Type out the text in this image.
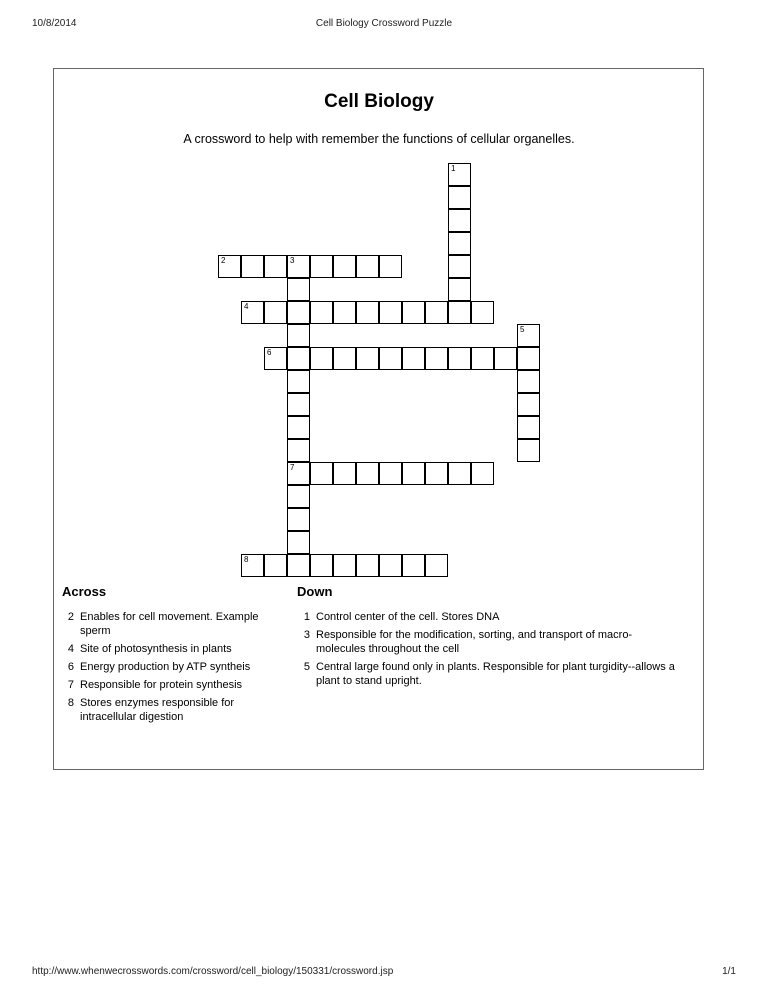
10/8/2014	Cell Biology Crossword Puzzle
Cell Biology
A crossword to help with remember the functions of cellular organelles.
1
2	3
7
4
5
6
8
Across	Down
2 Enables for cell movement. Example sperm
4 Site of photosynthesis in plants
6 Energy production by ATP syntheis
7 Responsible for protein synthesis
8 Stores enzymes responsible for intracellular digestion
1 Control center of the cell. Stores DNA
3 Responsible for the modification, sorting, and transport of macro-molecules throughout the cell
5 Central large found only in plants. Responsible for plant turgidity--allows a plant to stand upright.
http://www.whenwecrosswords.com/crossword/cell_biology/150331/crossword.jsp	1/1
